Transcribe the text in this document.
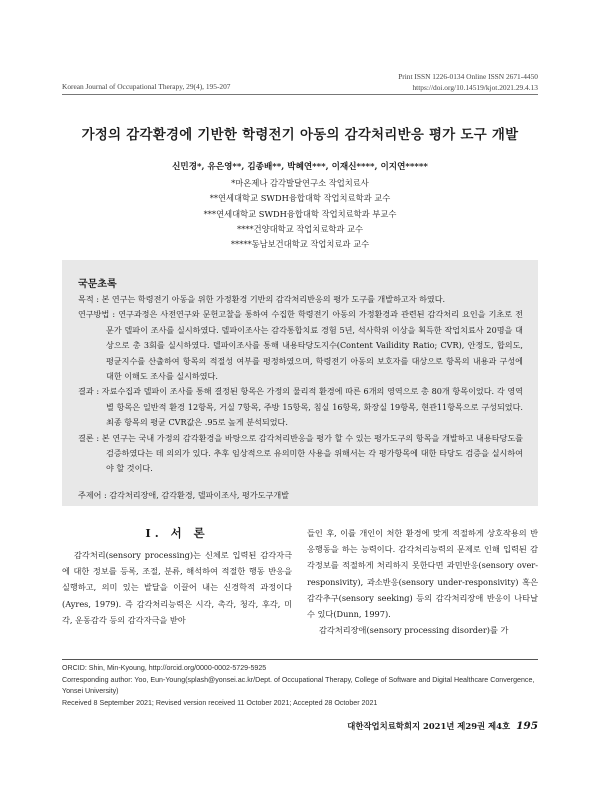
Korean Journal of Occupational Therapy, 29(4), 195-207
Print ISSN 1226-0134 Online ISSN 2671-4450
https://doi.org/10.14519/kjot.2021.29.4.13
가정의 감각환경에 기반한 학령전기 아동의 감각처리반응 평가 도구 개발
신민경*, 유은영**, 김종배**, 박혜연***, 이재신****, 이지연*****
*마온제나 감각발달연구소 작업치료사
**연세대학교 SWDH융합대학 작업치료학과 교수
***연세대학교 SWDH융합대학 작업치료학과 부교수
****건양대학교 작업치료학과 교수
*****동남보건대학교 작업치료과 교수
국문초록

목적 : 본 연구는 학령전기 아동을 위한 가정환경 기반의 감각처리반응의 평가 도구를 개발하고자 하였다.

연구방법 : 연구과정은 사전연구와 문헌고찰을 통하여 수집한 학령전기 아동의 가정환경과 관련된 감각처리 요인을 기초로 전문가 델파이 조사를 실시하였다. 델파이조사는 감각통합치료 경험 5년, 석사학위 이상을 획득한 작업치료사 20명을 대상으로 총 3회를 실시하였다. 델파이조사를 통해 내용타당도지수(Content Vailidity Ratio; CVR), 안정도, 합의도, 평균지수를 산출하여 항목의 적절성 여부를 평정하였으며, 학령전기 아동의 보호자를 대상으로 항목의 내용과 구성에 대한 이해도 조사를 실시하였다.

결과 : 자료수집과 델파이 조사를 통해 결정된 항목은 가정의 물리적 환경에 따른 6개의 영역으로 총 80개 항목이었다. 각 영역별 항목은 일반적 환경 12항목, 거실 7항목, 주방 15항목, 침실 16항목, 화장실 19항목, 현관11항목으로 구성되었다. 최종 항목의 평균 CVR값은 .95로 높게 분석되었다.

결론 : 본 연구는 국내 가정의 감각환경을 바탕으로 감각처리반응을 평가 할 수 있는 평가도구의 항목을 개발하고 내용타당도를 검증하였다는 데 의의가 있다. 추후 임상적으로 유의미한 사용을 위해서는 각 평가항목에 대한 타당도 검증을 실시하여야 할 것이다.

주제어 : 감각처리장애, 감각환경, 델파이조사, 평가도구개발
Ⅰ. 서 론

감각처리(sensory processing)는 신체로 입력된 감각자극에 대한 정보를 등록, 조절, 분류, 해석하여 적절한 행동 반응을 실행하고, 의미 있는 발달을 이끌어 내는 신경학적 과정이다(Ayres, 1979). 즉 감각처리능력은 시각, 촉각, 청각, 후각, 미각, 운동감각 등의 감각자극을 받아

들인 후, 이를 개인이 처한 환경에 맞게 적절하게 상호작용의 반응행동을 하는 능력이다. 감각처리능력의 문제로 인해 입력된 감각정보를 적절하게 처리하지 못한다면 과민반응(sensory over-responsivity), 과소반응(sensory under-responsivity) 혹은 감각추구(sensory seeking) 등의 감각처리장애 반응이 나타날 수 있다(Dunn, 1997).

감각처리장애(sensory processing disorder)를 가

ORCID: Shin, Min-Kyoung, http://orcid.org/0000-0002-5729-5925
Corresponding author: Yoo, Eun-Young(splash@yonsei.ac.kr/Dept. of Occupational Therapy, College of Software and Digital Healthcare Convergence, Yonsei University)
Received 8 September 2021; Revised version received 11 October 2021; Accepted 28 October 2021
대한작업치료학회지 2021년 제29권 제4호 195
